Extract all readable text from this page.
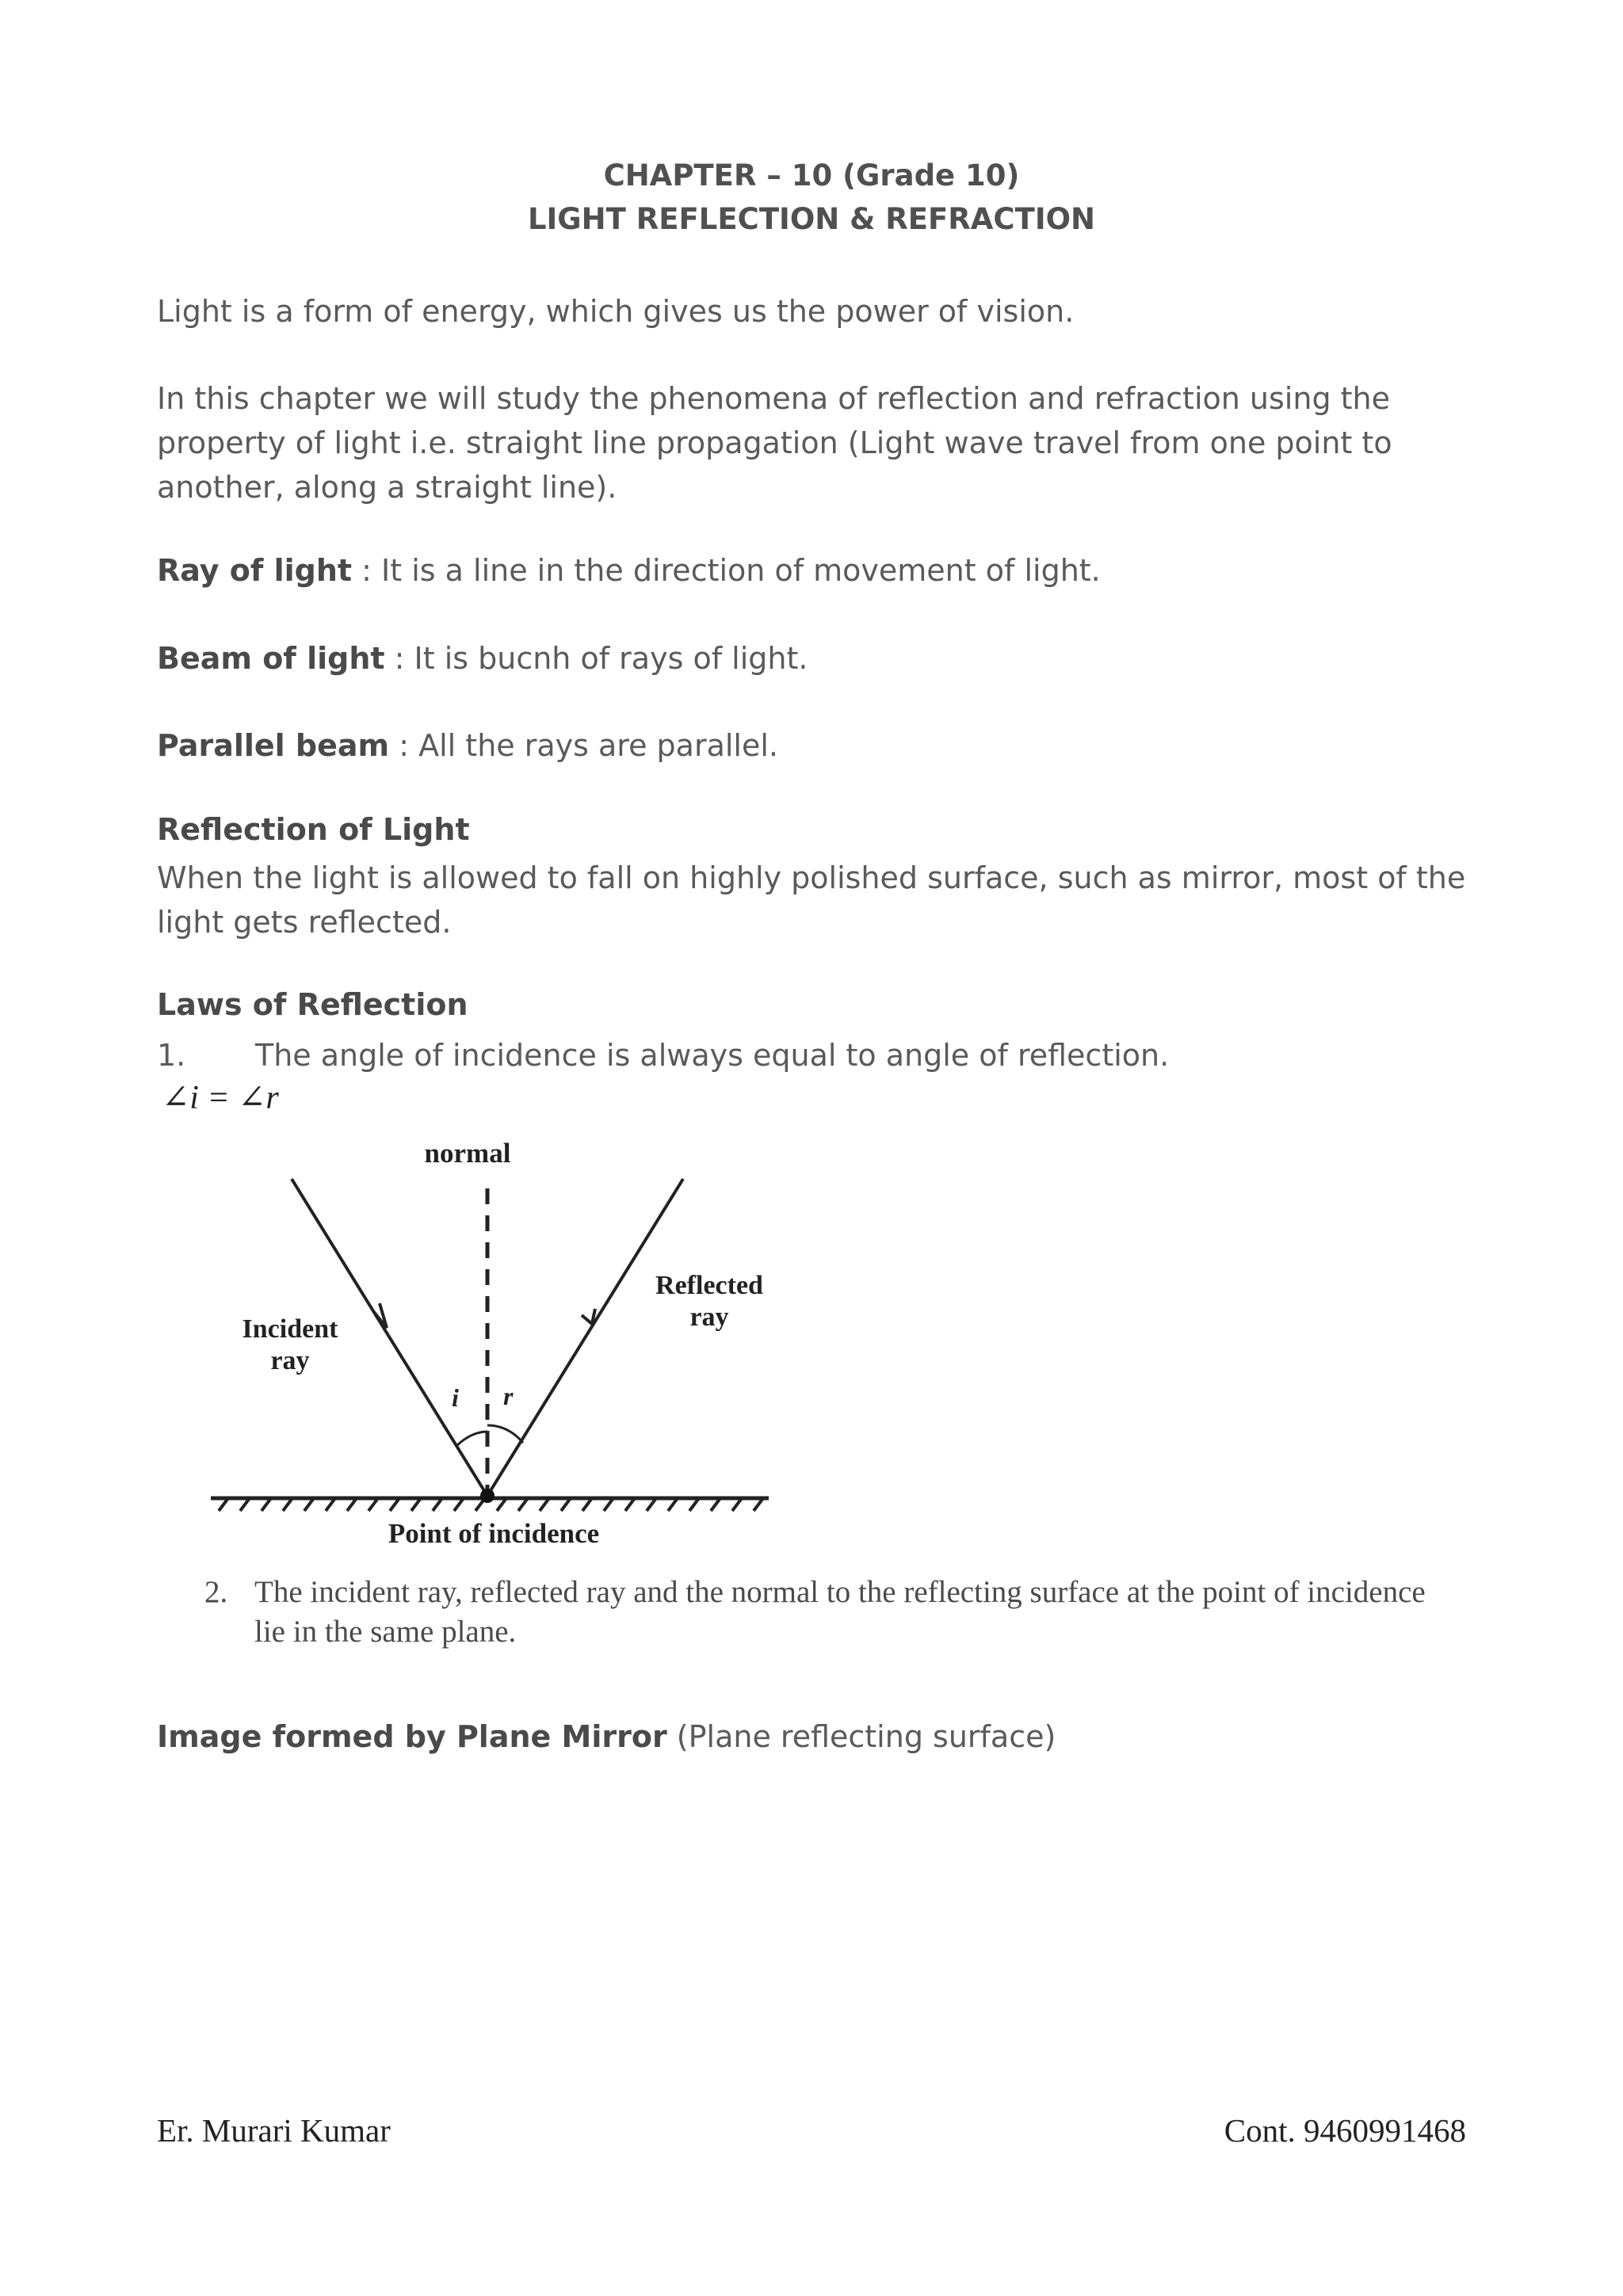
CHAPTER – 10 (Grade 10)
LIGHT REFLECTION & REFRACTION
Light is a form of energy, which gives us the power of vision.
In this chapter we will study the phenomena of reflection and refraction using the property of light i.e. straight line propagation (Light wave travel from one point to another, along a straight line).
Ray of light : It is a line in the direction of movement of light.
Beam of light : It is bucnh of rays of light.
Parallel beam : All the rays are parallel.
Reflection of Light
When the light is allowed to fall on highly polished surface, such as mirror, most of the light gets reflected.
Laws of Reflection
1. The angle of incidence is always equal to angle of reflection.
∠i = ∠r
normal
Incident
ray
Reflected
ray
i r
Point of incidence
2. The incident ray, reflected ray and the normal to the reflecting surface at the point of incidence lie in the same plane.
Image formed by Plane Mirror (Plane reflecting surface)
Er. Murari Kumar	Cont. 9460991468
